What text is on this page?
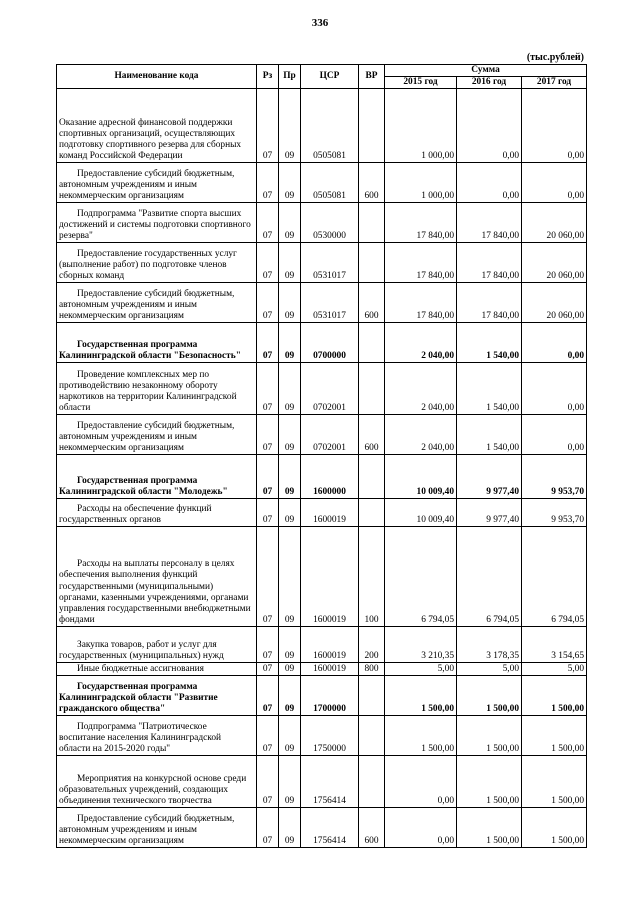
336
(тыс.рублей)
Наименование кода	Рз	Пр	ЦСР	ВР	Сумма		
					2015 год	2016 год	2017 год

Оказание адресной финансовой поддержки спортивных организаций, осуществляющих подготовку спортивного резерва для сборных команд Российской Федерации	07	09	0505081		1 000,00	0,00	0,00

Предоставление субсидий бюджетным, автономным учреждениям и иным некоммерческим организациям	07	09	0505081	600	1 000,00	0,00	0,00

Подпрограмма "Развитие спорта высших достижений и системы подготовки спортивного резерва"	07	09	0530000		17 840,00	17 840,00	20 060,00

Предоставление государственных услуг (выполнение работ) по подготовке членов сборных команд	07	09	0531017		17 840,00	17 840,00	20 060,00

Предоставление субсидий бюджетным, автономным учреждениям и иным некоммерческим организациям	07	09	0531017	600	17 840,00	17 840,00	20 060,00

Государственная программа Калининградской области "Безопасность"	07	09	0700000		2 040,00	1 540,00	0,00

Проведение комплексных мер по противодействию незаконному обороту наркотиков на территории Калининградской области	07	09	0702001		2 040,00	1 540,00	0,00

Предоставление субсидий бюджетным, автономным учреждениям и иным некоммерческим организациям	07	09	0702001	600	2 040,00	1 540,00	0,00

Государственная программа Калининградской области "Молодежь"	07	09	1600000		10 009,40	9 977,40	9 953,70

Расходы на обеспечение функций государственных органов	07	09	1600019		10 009,40	9 977,40	9 953,70

Расходы на выплаты персоналу в целях обеспечения выполнения функций государственными (муниципальными) органами, казенными учреждениями, органами управления государственными внебюджетными фондами	07	09	1600019	100	6 794,05	6 794,05	6 794,05

Закупка товаров, работ и услуг для государственных (муниципальных) нужд	07	09	1600019	200	3 210,35	3 178,35	3 154,65

Иные бюджетные ассигнования	07	09	1600019	800	5,00	5,00	5,00

Государственная программа Калининградской области "Развитие гражданского общества"	07	09	1700000		1 500,00	1 500,00	1 500,00

Подпрограмма "Патриотическое воспитание населения Калининградской области на 2015-2020 годы"	07	09	1750000		1 500,00	1 500,00	1 500,00

Мероприятия на конкурсной основе среди образовательных учреждений, создающих объединения технического творчества	07	09	1756414		0,00	1 500,00	1 500,00

Предоставление субсидий бюджетным, автономным учреждениям и иным некоммерческим организациям	07	09	1756414	600	0,00	1 500,00	1 500,00
